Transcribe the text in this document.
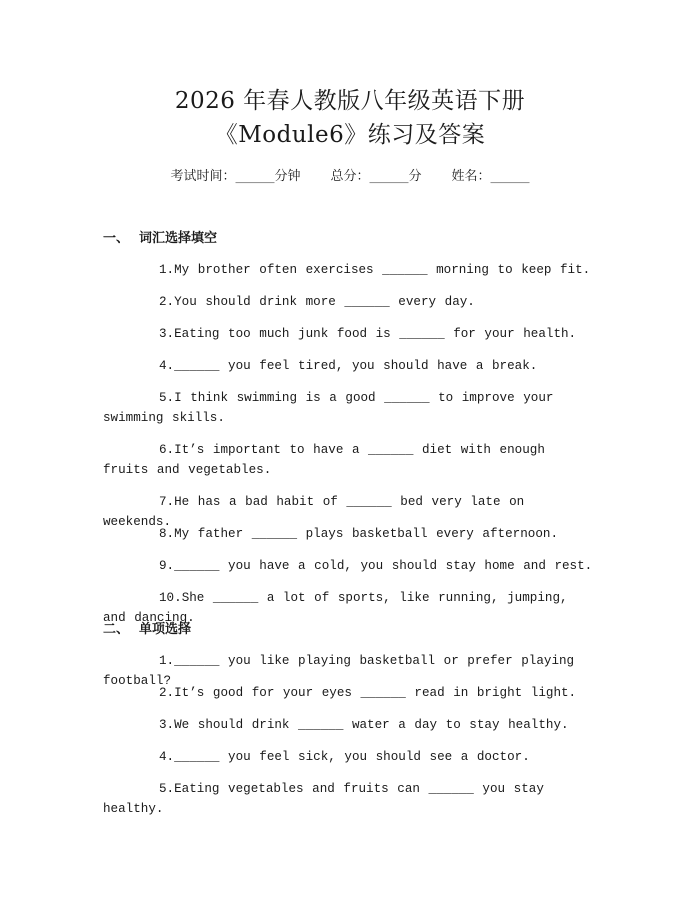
2026 年春人教版八年级英语下册
《Module6》练习及答案
考试时间：______分钟 总分：______分 姓名：______
一、 词汇选择填空
1.My brother often exercises ______ morning to keep fit.
2.You should drink more ______ every day.
3.Eating too much junk food is ______ for your health.
4.______ you feel tired, you should have a break.
5.I think swimming is a good ______ to improve your swimming skills.
6.It’s important to have a ______ diet with enough fruits and vegetables.
7.He has a bad habit of ______ bed very late on weekends.
8.My father ______ plays basketball every afternoon.
9.______ you have a cold, you should stay home and rest.
10.She ______ a lot of sports, like running, jumping, and dancing.
二、 单项选择
1.______ you like playing basketball or prefer playing football?
2.It’s good for your eyes ______ read in bright light.
3.We should drink ______ water a day to stay healthy.
4.______ you feel sick, you should see a doctor.
5.Eating vegetables and fruits can ______ you stay healthy.
